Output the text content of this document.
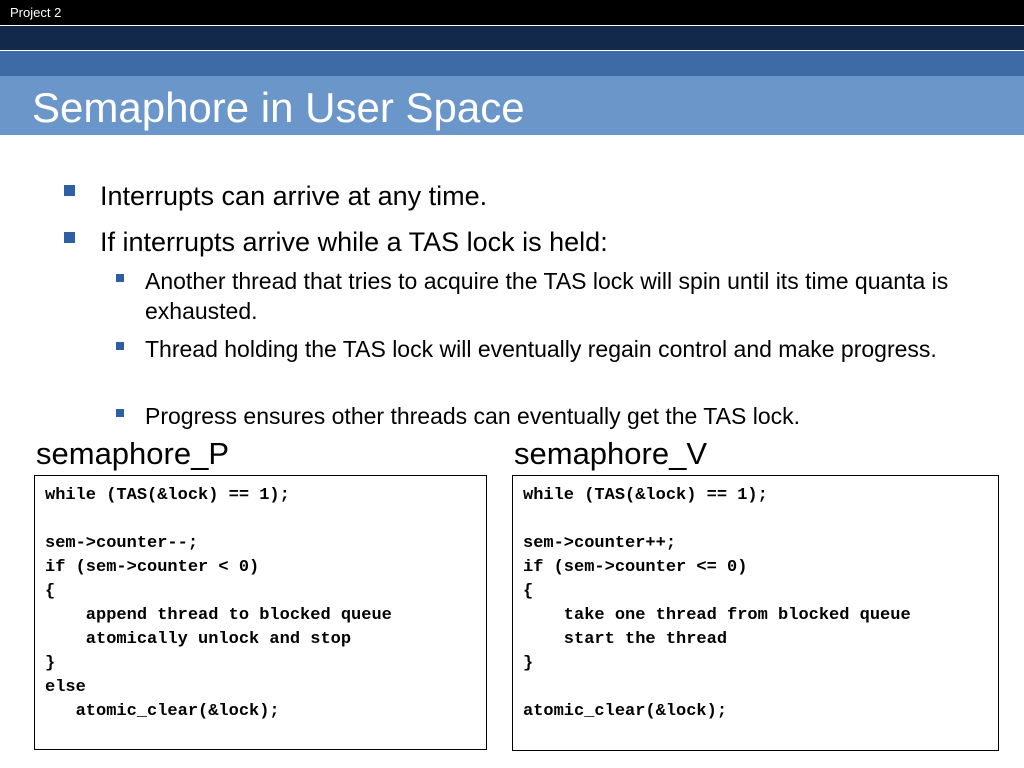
Project 2
Semaphore in User Space
Interrupts can arrive at any time.
If interrupts arrive while a TAS lock is held:
Another thread that tries to acquire the TAS lock will spin until its time quanta is exhausted.
Thread holding the TAS lock will eventually regain control and make progress.
Progress ensures other threads can eventually get the TAS lock.
semaphore_P
while (TAS(&lock) == 1);
sem->counter--;
if (sem->counter < 0)
{
append thread to blocked queue
atomically unlock and stop
}
else
atomic_clear(&lock);
semaphore_V
while (TAS(&lock) == 1);
sem->counter++;
if (sem->counter <= 0)
{
take one thread from blocked queue
start the thread
}
atomic_clear(&lock);
